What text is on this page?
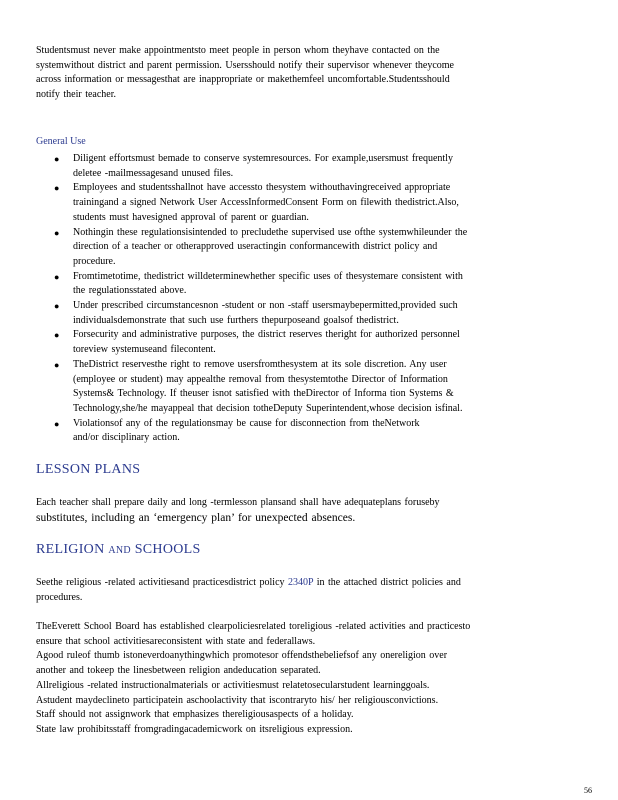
Studentsmust never make appointmentsto meet people in person whom theyhave contacted on the
systemwithout district and parent permission. Usersshould notify their supervisor whenever theycome
across information or messagesthat are inappropriate or makethemfeel uncomfortable.Studentsshould
notify their teacher.
General Use
● Diligent effortsmust bemade to conserve systemresources. For example,usersmust frequently
deletee -mailmessagesand unused files.
● Employees and studentsshallnot have accessto thesystem withouthavingreceived appropriate
trainingand a signed Network User AccessInformedConsent Form on filewith thedistrict.Also,
students must havesigned approval of parent or guardian.
● Nothingin these regulationsisintended to precludethe supervised use ofthe systemwhileunder the
direction of a teacher or otherapproved useractingin conformancewith district policy and
procedure.
● Fromtimetotime, thedistrict willdeterminewhether specific uses of thesystemare consistent with
the regulationsstated above.
● Under prescribed circumstancesnon -student or non -staff usersmaybepermitted,provided such
individualsdemonstrate that such use furthers thepurposeand goalsof thedistrict.
● Forsecurity and administrative purposes, the district reserves theright for authorized personnel
toreview systemuseand filecontent.
● TheDistrict reservesthe right to remove usersfromthesystem at its sole discretion. Any user
(employee or student) may appealthe removal from thesystemtothe Director of Information
Systems& Technology. If theuser isnot satisfied with theDirector of Informa tion Systems &
Technology,she/he mayappeal that decision totheDeputy Superintendent,whose decision isfinal.
● Violationsof any of the regulationsmay be cause for disconnection from theNetwork
and/or disciplinary action.
LESSON PLANS
Each teacher shall prepare daily and long -termlesson plansand shall have adequateplans foruseby
substitutes, including an ‘emergency plan’ for unexpected absences.
RELIGION AND SCHOOLS
Seethe religious -related activitiesand practicesdistrict policy 2340P in the attached district policies and
procedures.
TheEverett School Board has established clearpoliciesrelated toreligious -related activities and practicesto
ensure that school activitiesareconsistent with state and federallaws.
Agood ruleof thumb istoneverdoanythingwhich promotesor offendsthebeliefsof any onereligion over
another and tokeep the linesbetween religion andeducation separated.
Allreligious -related instructionalmaterials or activitiesmust relatetosecularstudent learninggoals.
Astudent maydeclineto participatein aschoolactivity that iscontraryto his/ her religiousconvictions.
Staff should not assignwork that emphasizes thereligiousaspects of a holiday.
State law prohibitsstaff fromgradingacademicwork on itsreligious expression.
56
